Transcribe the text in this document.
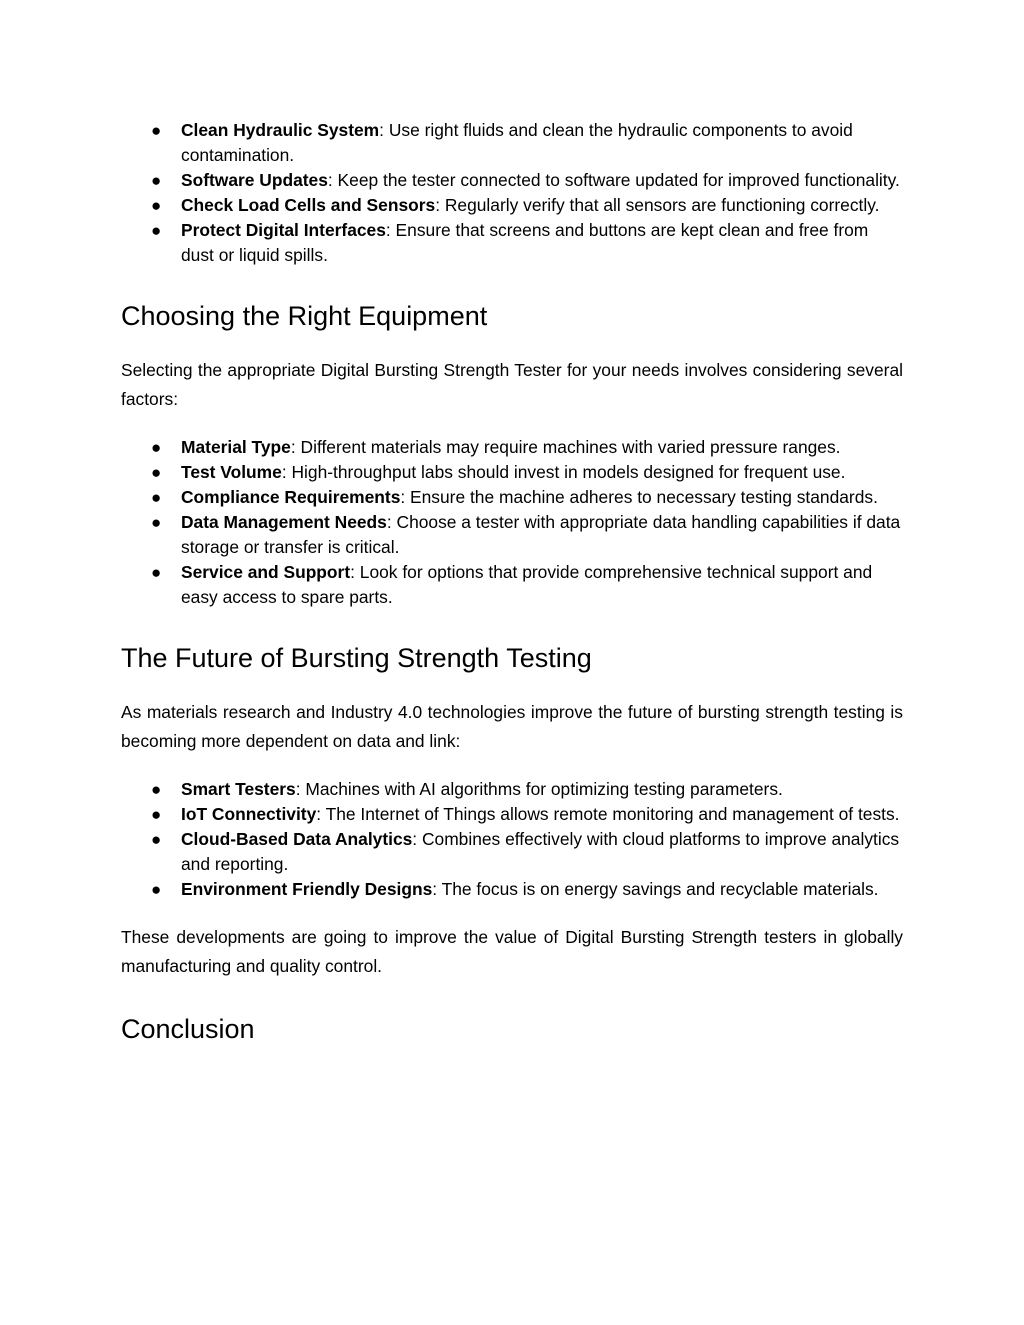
● Clean Hydraulic System: Use right fluids and clean the hydraulic components to avoid contamination.
● Software Updates: Keep the tester connected to software updated for improved functionality.
● Check Load Cells and Sensors: Regularly verify that all sensors are functioning correctly.
● Protect Digital Interfaces: Ensure that screens and buttons are kept clean and free from dust or liquid spills.
Choosing the Right Equipment

Selecting the appropriate Digital Bursting Strength Tester for your needs involves considering several factors:

● Material Type: Different materials may require machines with varied pressure ranges.
● Test Volume: High-throughput labs should invest in models designed for frequent use.
● Compliance Requirements: Ensure the machine adheres to necessary testing standards.
● Data Management Needs: Choose a tester with appropriate data handling capabilities if data storage or transfer is critical.
● Service and Support: Look for options that provide comprehensive technical support and easy access to spare parts.
The Future of Bursting Strength Testing

As materials research and Industry 4.0 technologies improve the future of bursting strength testing is becoming more dependent on data and link:

● Smart Testers: Machines with AI algorithms for optimizing testing parameters.
● IoT Connectivity: The Internet of Things allows remote monitoring and management of tests.
● Cloud-Based Data Analytics: Combines effectively with cloud platforms to improve analytics and reporting.
● Environment Friendly Designs: The focus is on energy savings and recyclable materials.

These developments are going to improve the value of Digital Bursting Strength testers in globally manufacturing and quality control.

Conclusion
